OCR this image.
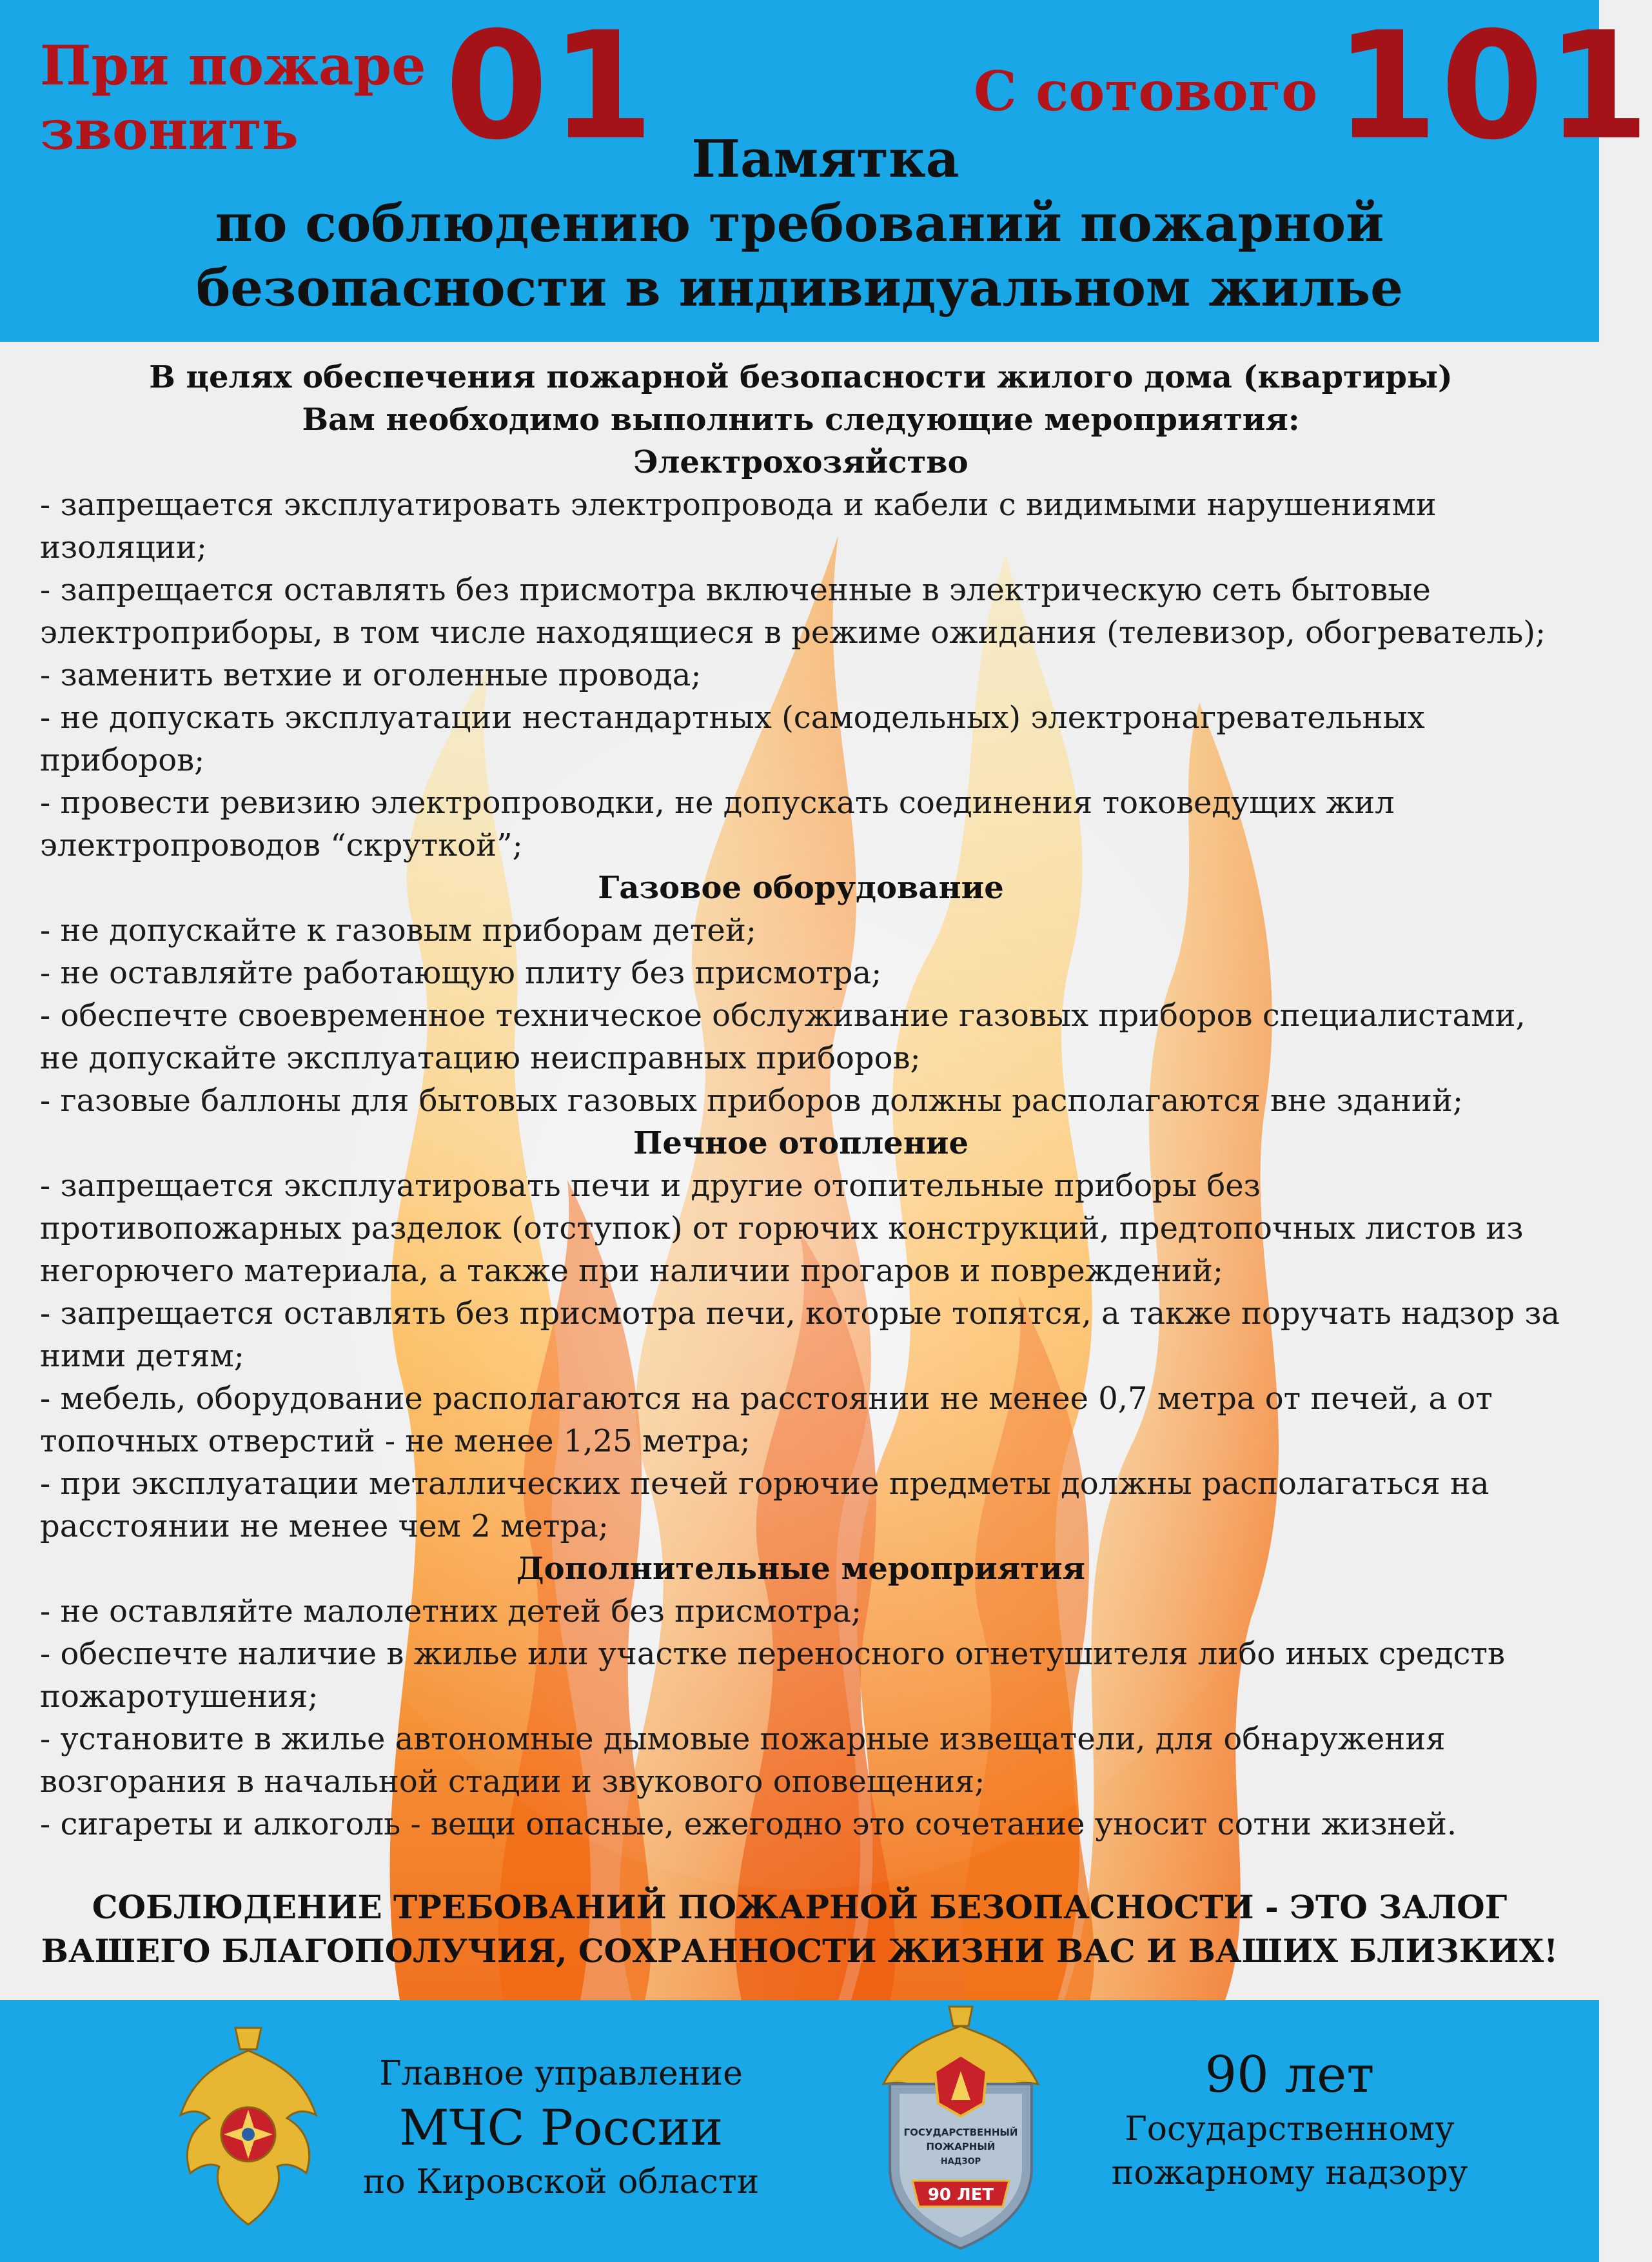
При пожаре
звонить 01	С сотового 101
Памятка
по соблюдению требований пожарной
безопасности в индивидуальном жилье
В целях обеспечения пожарной безопасности жилого дома (квартиры)
Вам необходимо выполнить следующие мероприятия:
Электрохозяйство
- запрещается эксплуатировать электропровода и кабели с видимыми нарушениями изоляции;
- запрещается оставлять без присмотра включенные в электрическую сеть бытовые электроприборы, в том числе находящиеся в режиме ожидания (телевизор, обогреватель);
- заменить ветхие и оголенные провода;
- не допускать эксплуатации нестандартных (самодельных) электронагревательных приборов;
- провести ревизию электропроводки, не допускать соединения токоведущих жил электропроводов “скруткой”;
Газовое оборудование
- не допускайте к газовым приборам детей;
- не оставляйте работающую плиту без присмотра;
- обеспечте своевременное техническое обслуживание газовых приборов специалистами, не допускайте эксплуатацию неисправных приборов;
- газовые баллоны для бытовых газовых приборов должны располагаются вне зданий;
Печное отопление
- запрещается эксплуатировать печи и другие отопительные приборы без противопожарных разделок (отступок) от горючих конструкций, предтопочных листов из негорючего материала, а также при наличии прогаров и повреждений;
- запрещается оставлять без присмотра печи, которые топятся, а также поручать надзор за ними детям;
- мебель, оборудование располагаются на расстоянии не менее 0,7 метра от печей, а от топочных отверстий - не менее 1,25 метра;
- при эксплуатации металлических печей горючие предметы должны располагаться на расстоянии не менее чем 2 метра;
Дополнительные мероприятия
- не оставляйте малолетних детей без присмотра;
- обеспечте наличие в жилье или участке переносного огнетушителя либо иных средств пожаротушения;
- установите в жилье автономные дымовые пожарные извещатели, для обнаружения возгорания в начальной стадии и звукового оповещения;
- сигареты и алкоголь - вещи опасные, ежегодно это сочетание уносит сотни жизней.
СОБЛЮДЕНИЕ ТРЕБОВАНИЙ ПОЖАРНОЙ БЕЗОПАСНОСТИ - ЭТО ЗАЛОГ
ВАШЕГО БЛАГОПОЛУЧИЯ, СОХРАННОСТИ ЖИЗНИ ВАС И ВАШИХ БЛИЗКИХ!
Главное управление
МЧС России
по Кировской области
ГОСУДАРСТВЕННЫЙ
ПОЖАРНЫЙ
НАДЗОР
90 ЛЕТ
90 лет
Государственному
пожарному надзору
